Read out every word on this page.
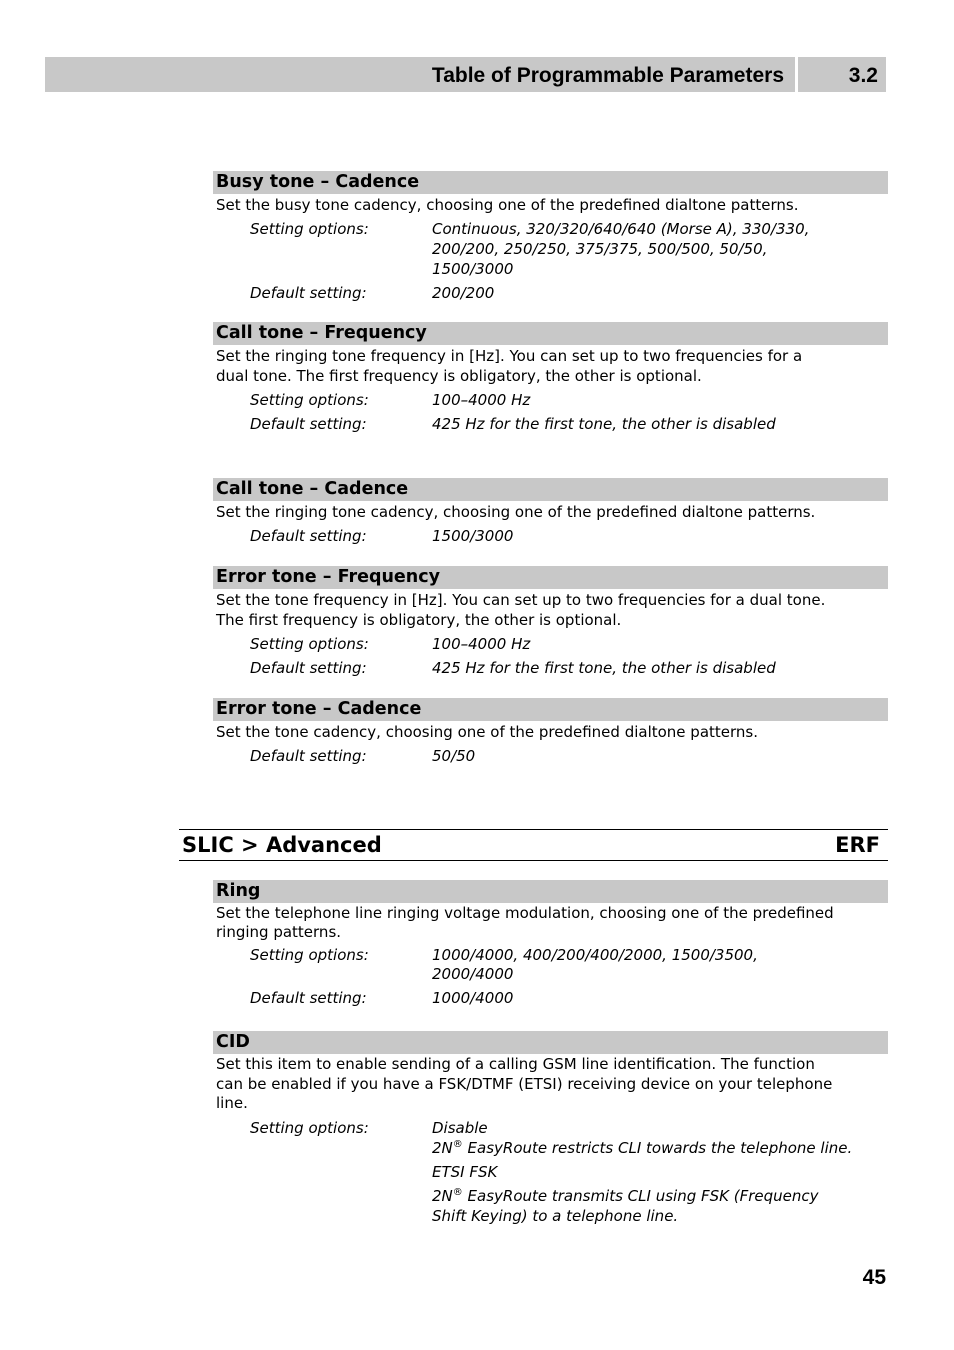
Table of Programmable Parameters	3.2
Busy tone – Cadence
Set the busy tone cadency, choosing one of the predefined dialtone patterns.
Setting options:	Continuous, 320/320/640/640 (Morse A), 330/330,
200/200, 250/250, 375/375, 500/500, 50/50,
1500/3000
Default setting:	200/200
Call tone – Frequency
Set the ringing tone frequency in [Hz]. You can set up to two frequencies for a
dual tone. The first frequency is obligatory, the other is optional.
Setting options:	100–4000 Hz
Default setting:	425 Hz for the first tone, the other is disabled
Call tone – Cadence
Set the ringing tone cadency, choosing one of the predefined dialtone patterns.
Default setting:	1500/3000
Error tone – Frequency
Set the tone frequency in [Hz]. You can set up to two frequencies for a dual tone.
The first frequency is obligatory, the other is optional.
Setting options:	100–4000 Hz
Default setting:	425 Hz for the first tone, the other is disabled
Error tone – Cadence
Set the tone cadency, choosing one of the predefined dialtone patterns.
Default setting:	50/50
SLIC > Advanced	ERF
Ring
Set the telephone line ringing voltage modulation, choosing one of the predefined
ringing patterns.
Setting options:	1000/4000, 400/200/400/2000, 1500/3500,
2000/4000
Default setting:	1000/4000
CID
Set this item to enable sending of a calling GSM line identification. The function
can be enabled if you have a FSK/DTMF (ETSI) receiving device on your telephone
line.
Setting options:	Disable
2N® EasyRoute restricts CLI towards the telephone line.
ETSI FSK
2N® EasyRoute transmits CLI using FSK (Frequency
Shift Keying) to a telephone line.
45
